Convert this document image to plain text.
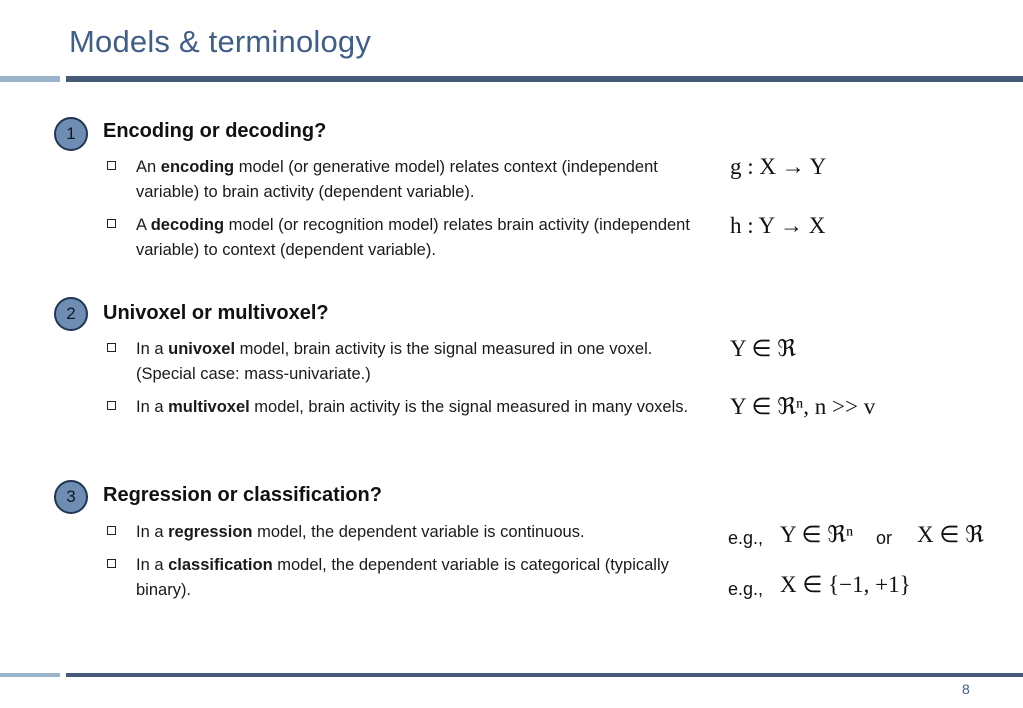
Models & terminology
1	Encoding or decoding?
An encoding model (or generative model) relates context (independent variable) to brain activity (dependent variable).
A decoding model (or recognition model) relates brain activity (independent variable) to context (dependent variable).
2	Univoxel or multivoxel?
In a univoxel model, brain activity is the signal measured in one voxel. (Special case: mass-univariate.)
In a multivoxel model, brain activity is the signal measured in many voxels.
3	Regression or classification?
In a regression model, the dependent variable is continuous.
In a classification model, the dependent variable is categorical (typically binary).
g : X → Y
h : Y → X
Y ∈ ℜ
Y ∈ ℜⁿ, n >> v
e.g., Y ∈ ℜⁿ or X ∈ ℜ
e.g., X ∈ {−1, +1}
8
